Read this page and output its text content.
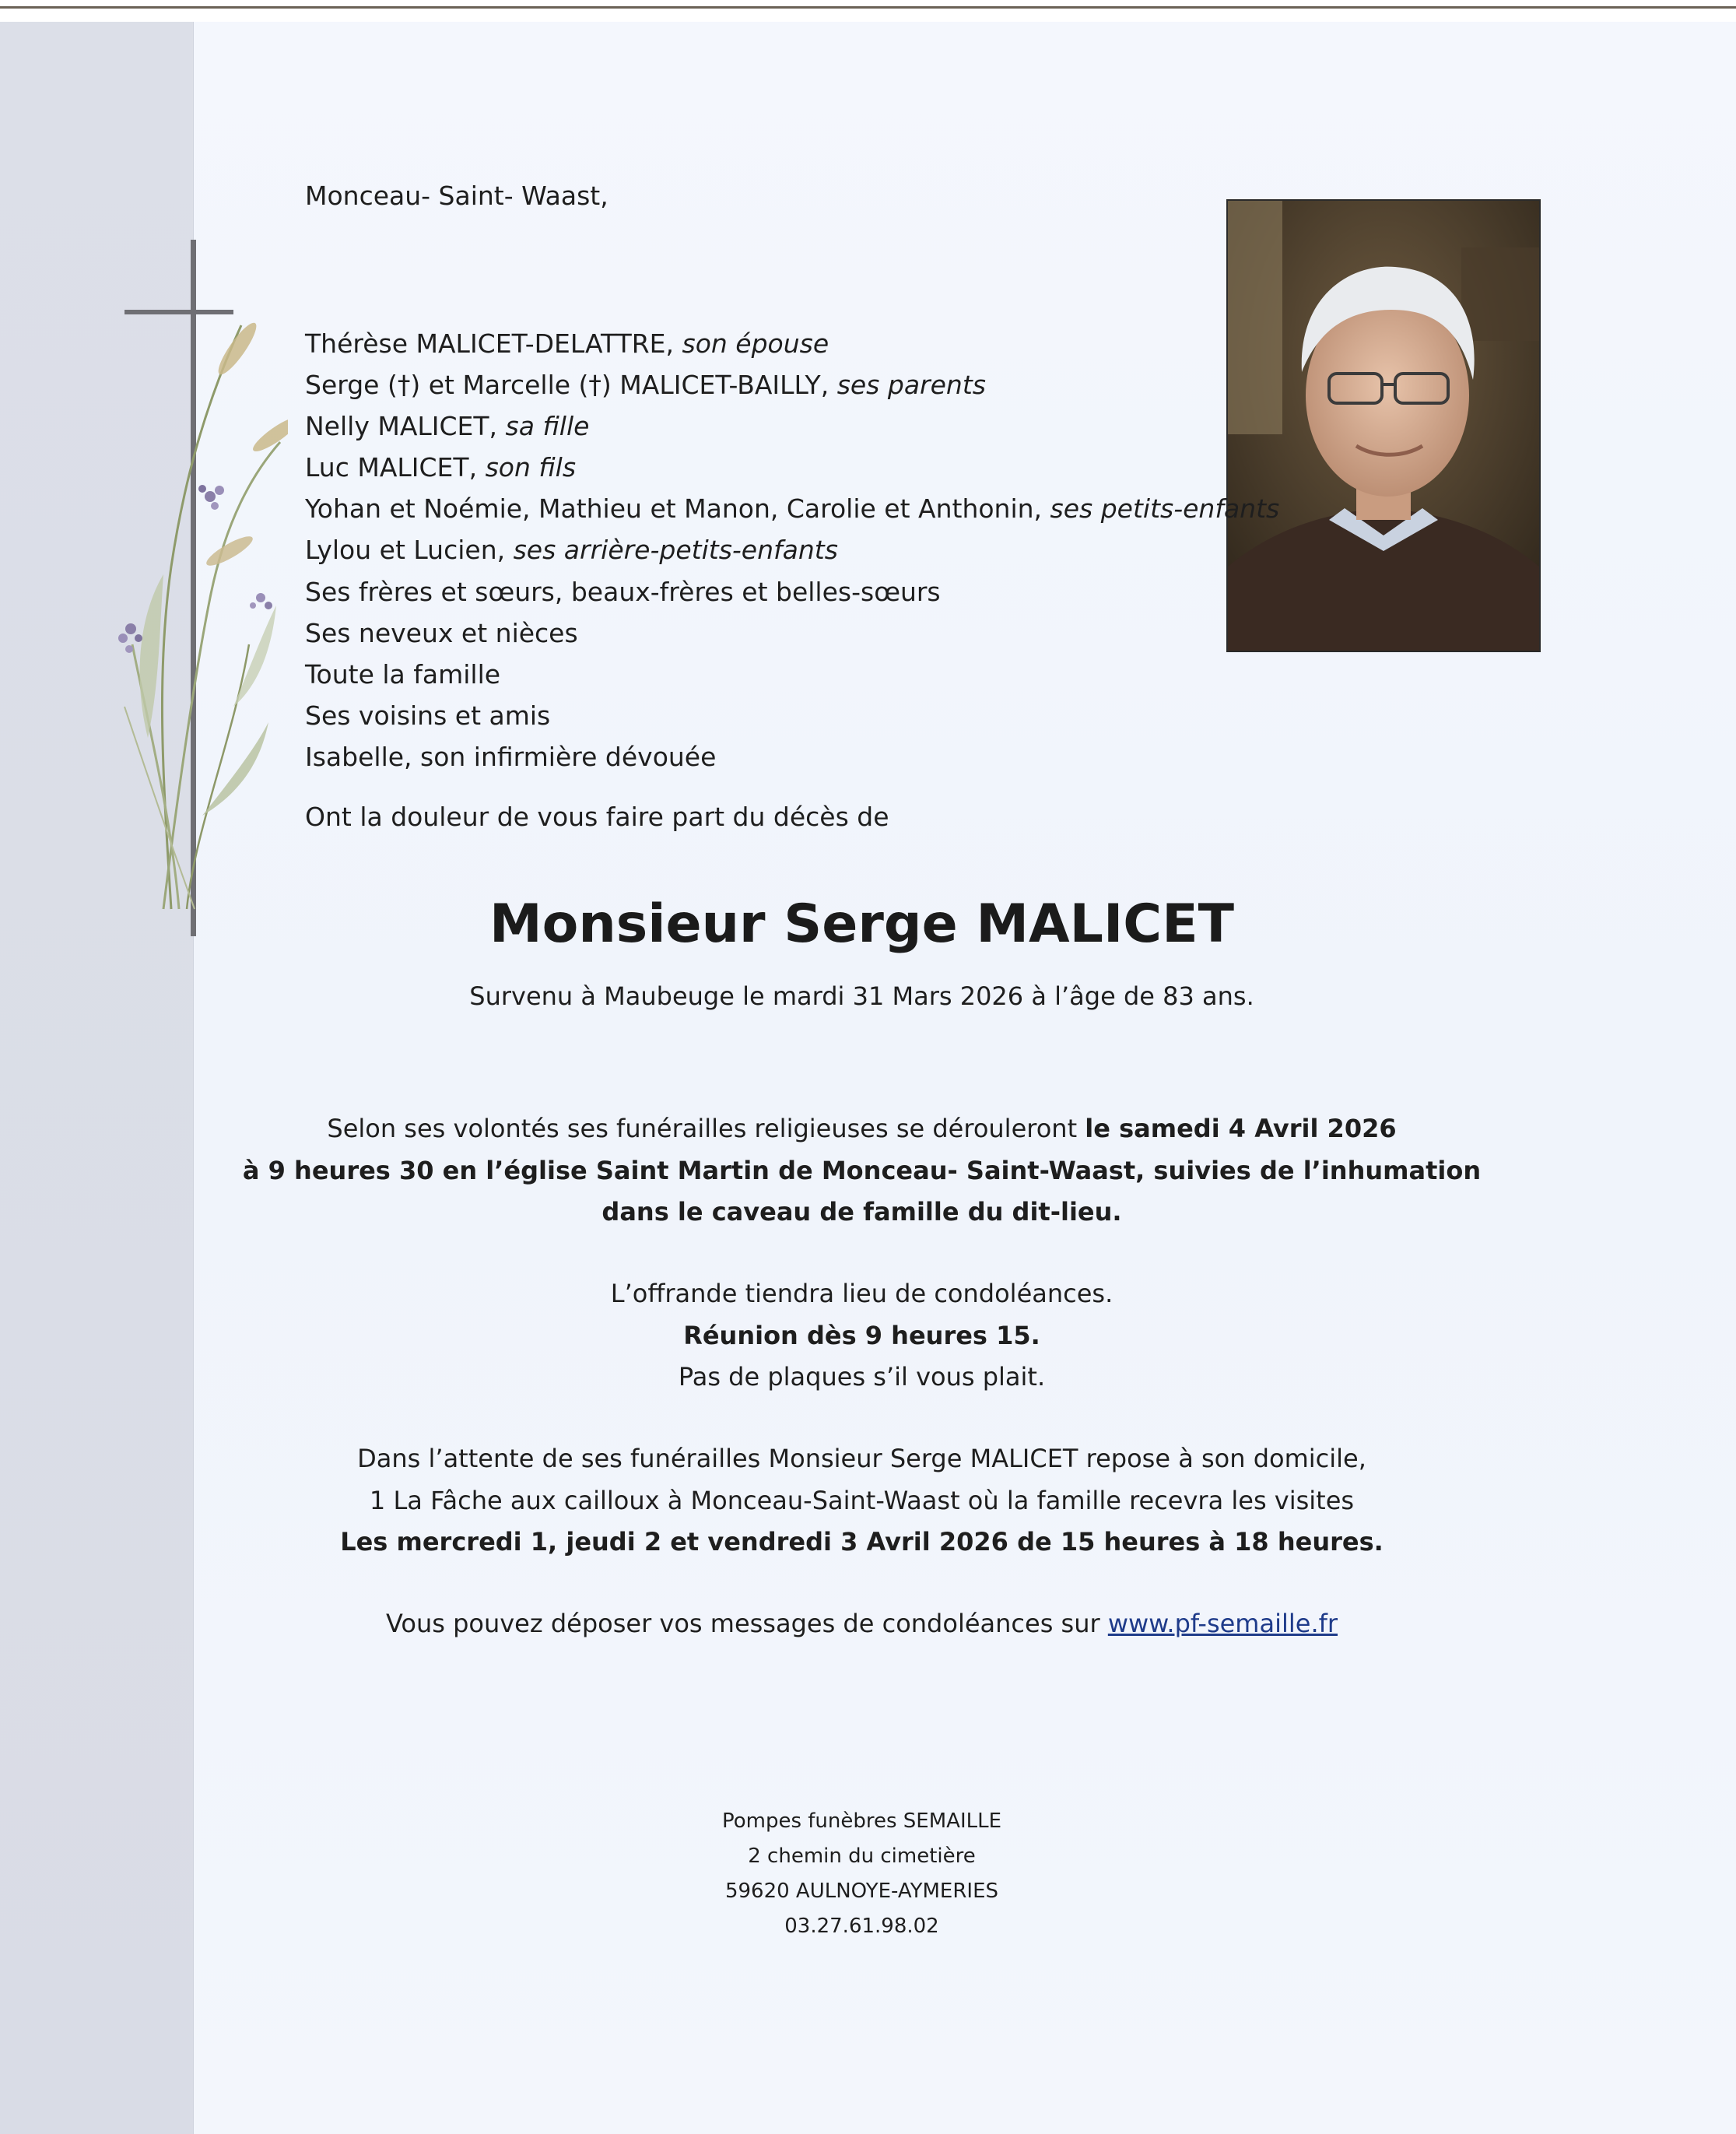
Monceau- Saint- Waast,
Thérèse MALICET-DELATTRE, son épouse
Serge (†) et Marcelle (†) MALICET-BAILLY, ses parents
Nelly MALICET, sa fille
Luc MALICET, son fils
Yohan et Noémie, Mathieu et Manon, Carolie et Anthonin, ses petits-enfants
Lylou et Lucien, ses arrière-petits-enfants
Ses frères et sœurs, beaux-frères et belles-sœurs
Ses neveux et nièces
Toute la famille
Ses voisins et amis
Isabelle, son infirmière dévouée
Ont la douleur de vous faire part du décès de
Monsieur Serge MALICET
Survenu à Maubeuge le mardi 31 Mars 2026 à l’âge de 83 ans.
Selon ses volontés ses funérailles religieuses se dérouleront le samedi 4 Avril 2026
à 9 heures 30 en l’église Saint Martin de Monceau- Saint-Waast, suivies de l’inhumation
dans le caveau de famille du dit-lieu.
L’offrande tiendra lieu de condoléances.
Réunion dès 9 heures 15.
Pas de plaques s’il vous plait.
Dans l’attente de ses funérailles Monsieur Serge MALICET repose à son domicile,
1 La Fâche aux cailloux à Monceau-Saint-Waast où la famille recevra les visites
Les mercredi 1, jeudi 2 et vendredi 3 Avril 2026 de 15 heures à 18 heures.
Vous pouvez déposer vos messages de condoléances sur www.pf-semaille.fr
Pompes funèbres SEMAILLE
2 chemin du cimetière
59620 AULNOYE-AYMERIES
03.27.61.98.02
